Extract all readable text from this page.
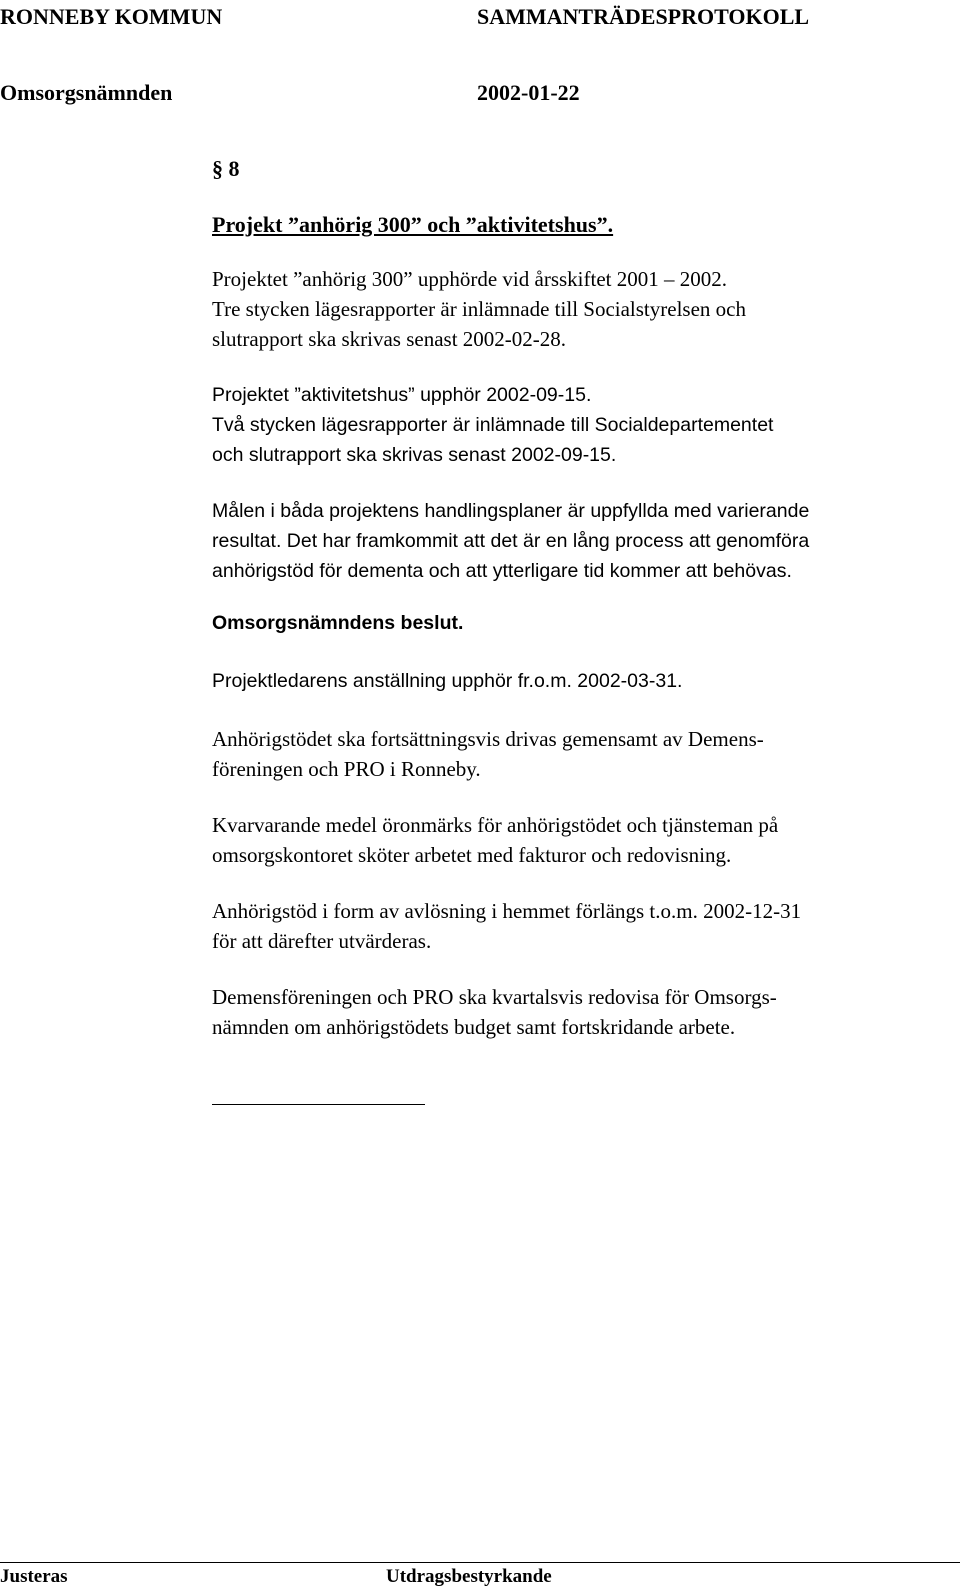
RONNEBY KOMMUN	SAMMANTRÄDESPROTOKOLL
Omsorgsnämnden	2002-01-22
§ 8
Projekt ”anhörig 300” och ”aktivitetshus”.
Projektet ”anhörig 300” upphörde vid årsskiftet 2001 – 2002.
Tre stycken lägesrapporter är inlämnade till Socialstyrelsen och
slutrapport ska skrivas senast 2002-02-28.
Projektet ”aktivitetshus” upphör 2002-09-15.
Två stycken lägesrapporter är inlämnade till Socialdepartementet
och slutrapport ska skrivas senast 2002-09-15.
Målen i båda projektens handlingsplaner är uppfyllda med varierande
resultat. Det har framkommit att det är en lång process att genomföra
anhörigstöd för dementa och att ytterligare tid kommer att behövas.
Omsorgsnämndens beslut.
Projektledarens anställning upphör fr.o.m. 2002-03-31.
Anhörigstödet ska fortsättningsvis drivas gemensamt av Demens-
föreningen och PRO i Ronneby.
Kvarvarande medel öronmärks för anhörigstödet och tjänsteman på
omsorgskontoret sköter arbetet med fakturor och redovisning.
Anhörigstöd i form av avlösning i hemmet förlängs t.o.m. 2002-12-31
för att därefter utvärderas.
Demensföreningen och PRO ska kvartalsvis redovisa för Omsorgs-
nämnden om anhörigstödets budget samt fortskridande arbete.
Justeras	Utdragsbestyrkande
